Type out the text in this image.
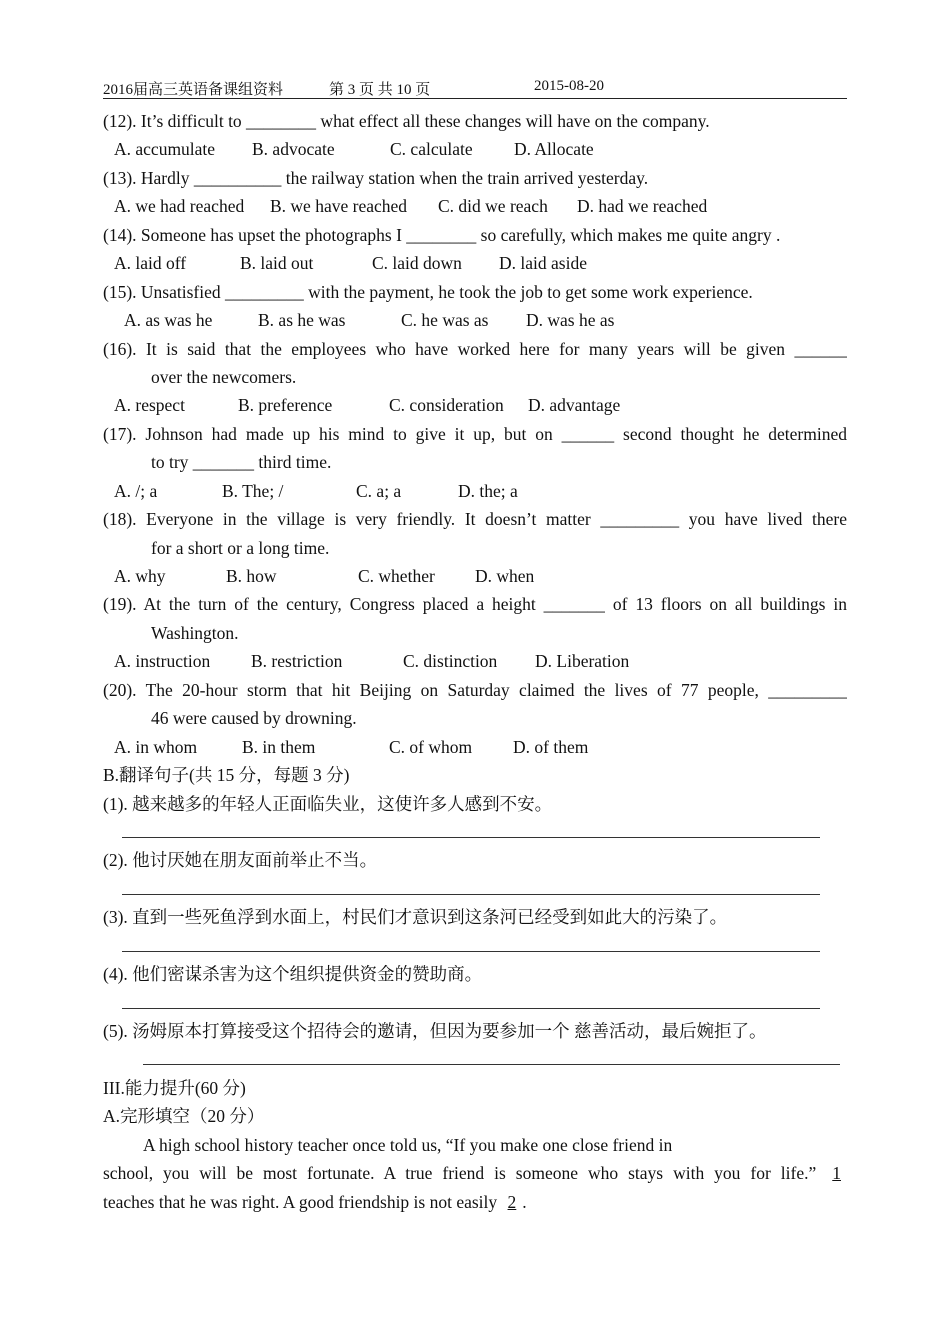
2016届高三英语备课组资料	第 3 页 共 10 页	2015-08-20
(12). It’s difficult to ________ what effect all these changes will have on the company.
A. accumulate B. advocate	C. calculate D. Allocate
(13). Hardly __________ the railway station when the train arrived yesterday.
A. we had reached B. we have reached C. did we reach D. had we reached
(14). Someone has upset the photographs I ________ so carefully, which makes me quite angry .
A. laid off	B. laid out	C. laid down D. laid aside
(15). Unsatisfied _________ with the payment, he took the job to get some work experience.
A. as was he	B. as he was	C. he was as D. was he as
(16). It is said that the employees who have worked here for many years will be given ______
over the newcomers.
A. respect	B. preference	C. consideration D. advantage
(17). Johnson had made up his mind to give it up, but on ______ second thought he determined
to try _______ third time.
A. /; a	B. The; /	C. a; a	D. the; a
(18). Everyone in the village is very friendly. It doesn’t matter _________ you have lived there
for a short or a long time.
A. why	B. how	C. whether D. when
(19). At the turn of the century, Congress placed a height _______ of 13 floors on all buildings in
Washington.
A. instruction B. restriction	C. distinction D. Liberation
(20). The 20-hour storm that hit Beijing on Saturday claimed the lives of 77 people, _________
46 were caused by drowning.
A. in whom	B. in them	C. of whom D. of them
B.翻译句子(共 15 分，每题 3 分)
(1). 越来越多的年轻人正面临失业，这使许多人感到不安。
(2). 他讨厌她在朋友面前举止不当。
(3). 直到一些死鱼浮到水面上，村民们才意识到这条河已经受到如此大的污染了。
(4). 他们密谋杀害为这个组织提供资金的赞助商。
(5). 汤姆原本打算接受这个招待会的邀请，但因为要参加一个 慈善活动，最后婉拒了。
III.能力提升(60 分)
A.完形填空（20 分）
A high school history teacher once told us, “If you make one close friend in
school, you will be most fortunate. A true friend is someone who stays with you for life.” 1
teaches that he was right. A good friendship is not easily 2 .
